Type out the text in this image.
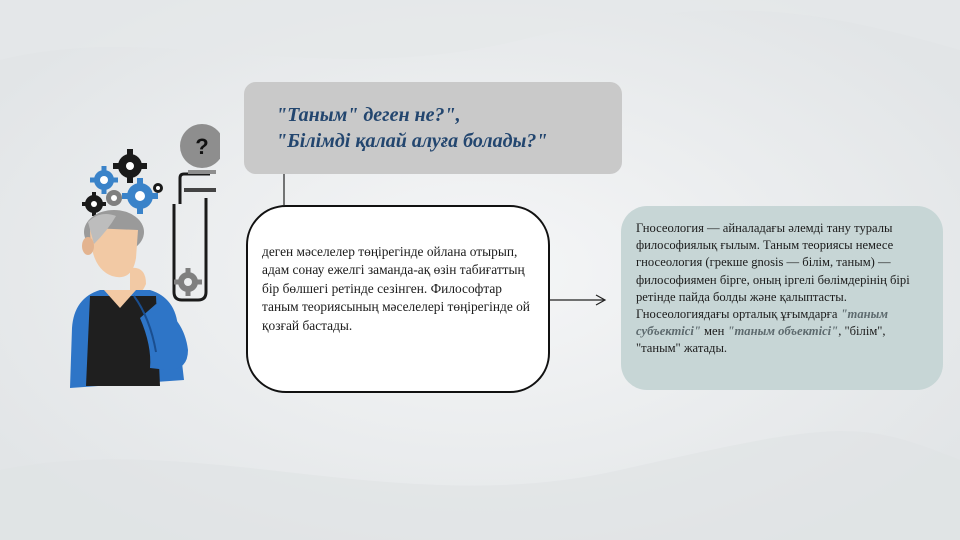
?
"Таным" деген не?",
"Білімді қалай алуға болады?"
деген мәселелер төңірегінде ойлана отырып, адам сонау ежелгі заманда-ақ өзін табиғаттың бір бөлшегі ретінде сезінген. Философтар таным теориясының мәселелері төңірегінде ой қозғай бастады.
Гносеология — айналадағы әлемді тану туралы философиялық ғылым. Таным теориясы немесе гносеология (грекше gnosis — білім, таным) — философиямен бірге, оның іргелі бөлімдерінің бірі ретінде пайда болды және қалыптасты. Гносеологиядағы орталық ұғымдарға "таным субъектісі" мен "таным объектісі", "білім", "таным" жатады.
